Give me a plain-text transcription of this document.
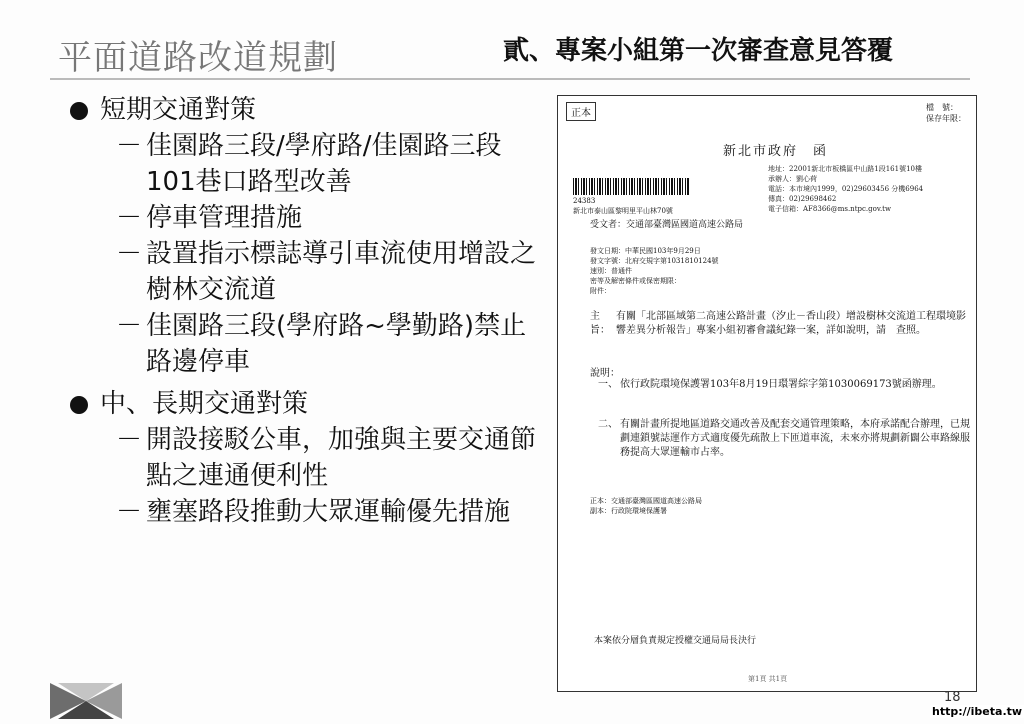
平面道路改道規劃	貳、專案小組第一次審查意見答覆
短期交通對策
－ 佳園路三段/學府路/佳園路三段101巷口路型改善
－ 停車管理措施
－ 設置指示標誌導引車流使用增設之樹林交流道
－ 佳園路三段(學府路~學勤路)禁止路邊停車
中、長期交通對策
－ 開設接駁公車，加強與主要交通節點之連通便利性
－ 壅塞路段推動大眾運輸優先措施
正本
檔　號：
保存年限：
新北市政府　函
地址：22001新北市板橋區中山路1段161號10樓
承辦人：劉心荷
電話：本市境內1999，02)29603456 分機6964
傳真：02)29698462
電子信箱：AF8366@ms.ntpc.gov.tw
24383
新北市泰山區黎明里平山林70號
受文者：交通部臺灣區國道高速公路局
發文日期：中華民國103年9月29日
發文字號：北府交規字第1031810124號
速別：普通件
密等及解密條件或保密期限：
附件：
主旨：
有關「北部區域第二高速公路計畫（汐止－香山段）增設樹林交流道工程環境影響差異分析報告」專案小組初審會議紀錄一案，詳如說明，請　查照。
說明：
一、 依行政院環境保護署103年8月19日環署綜字第1030069173號函辦理。
二、 有關計畫所提地區道路交通改善及配套交通管理策略，本府承諾配合辦理，已規劃連鎖號誌運作方式適度優先疏散上下匝道車流，未來亦將規劃新闢公車路線服務提高大眾運輸市占率。
正本：交通部臺灣區國道高速公路局
副本：行政院環境保護署
本案依分層負責規定授權交通局局長決行
第1頁 共1頁
18
http://ibeta.tw
